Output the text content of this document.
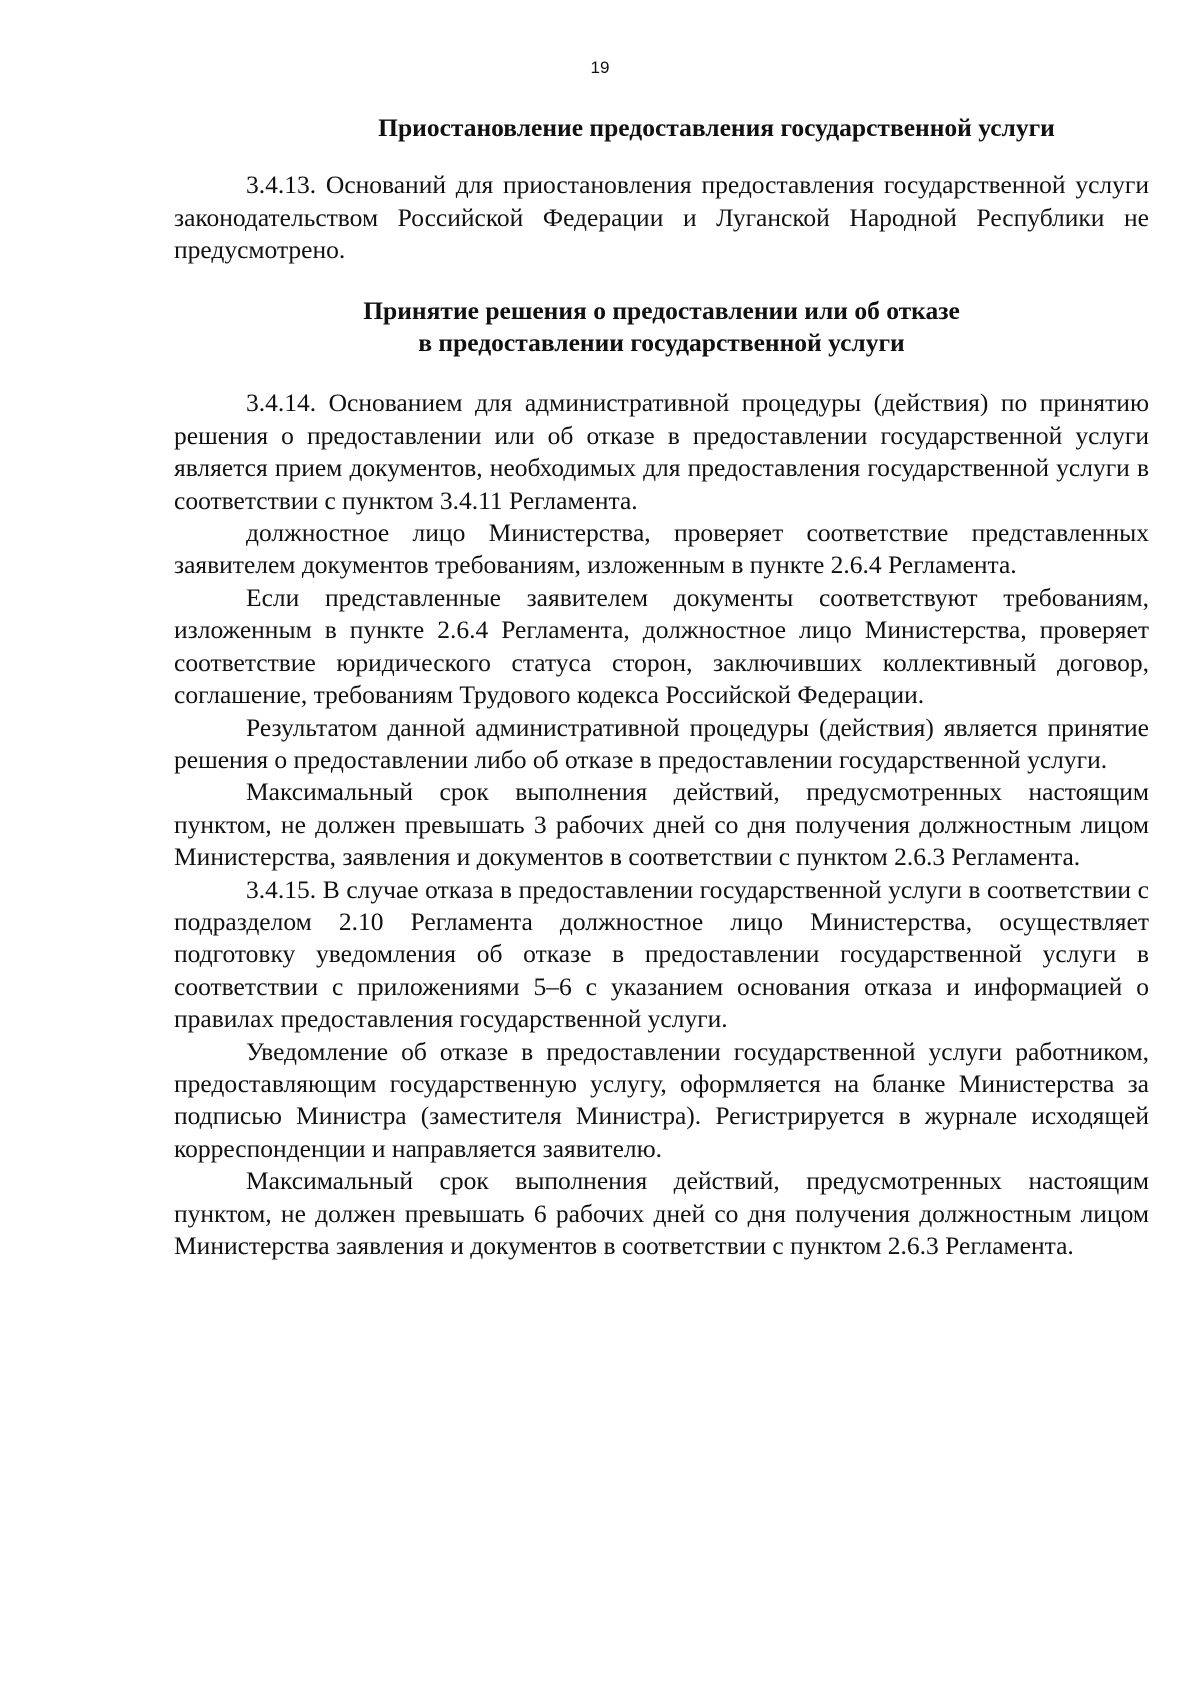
19

Приостановление предоставления государственной услуги

3.4.13. Оснований для приостановления предоставления государственной услуги законодательством Российской Федерации и Луганской Народной Республики не предусмотрено.

Принятие решения о предоставлении или об отказе
в предоставлении государственной услуги

3.4.14. Основанием для административной процедуры (действия) по принятию решения о предоставлении или об отказе в предоставлении государственной услуги является прием документов, необходимых для предоставления государственной услуги в соответствии с пунктом 3.4.11 Регламента.

должностное лицо Министерства, проверяет соответствие представленных заявителем документов требованиям, изложенным в пункте 2.6.4 Регламента.

Если представленные заявителем документы соответствуют требованиям, изложенным в пункте 2.6.4 Регламента, должностное лицо Министерства, проверяет соответствие юридического статуса сторон, заключивших коллективный договор, соглашение, требованиям Трудового кодекса Российской Федерации.

Результатом данной административной процедуры (действия) является принятие решения о предоставлении либо об отказе в предоставлении государственной услуги.

Максимальный срок выполнения действий, предусмотренных настоящим пунктом, не должен превышать 3 рабочих дней со дня получения должностным лицом Министерства, заявления и документов в соответствии с пунктом 2.6.3 Регламента.

3.4.15. В случае отказа в предоставлении государственной услуги в соответствии с подразделом 2.10 Регламента должностное лицо Министерства, осуществляет подготовку уведомления об отказе в предоставлении государственной услуги в соответствии с приложениями 5–6 с указанием основания отказа и информацией о правилах предоставления государственной услуги.

Уведомление об отказе в предоставлении государственной услуги работником, предоставляющим государственную услугу, оформляется на бланке Министерства за подписью Министра (заместителя Министра). Регистрируется в журнале исходящей корреспонденции и направляется заявителю.

Максимальный срок выполнения действий, предусмотренных настоящим пунктом, не должен превышать 6 рабочих дней со дня получения должностным лицом Министерства заявления и документов в соответствии с пунктом 2.6.3 Регламента.
